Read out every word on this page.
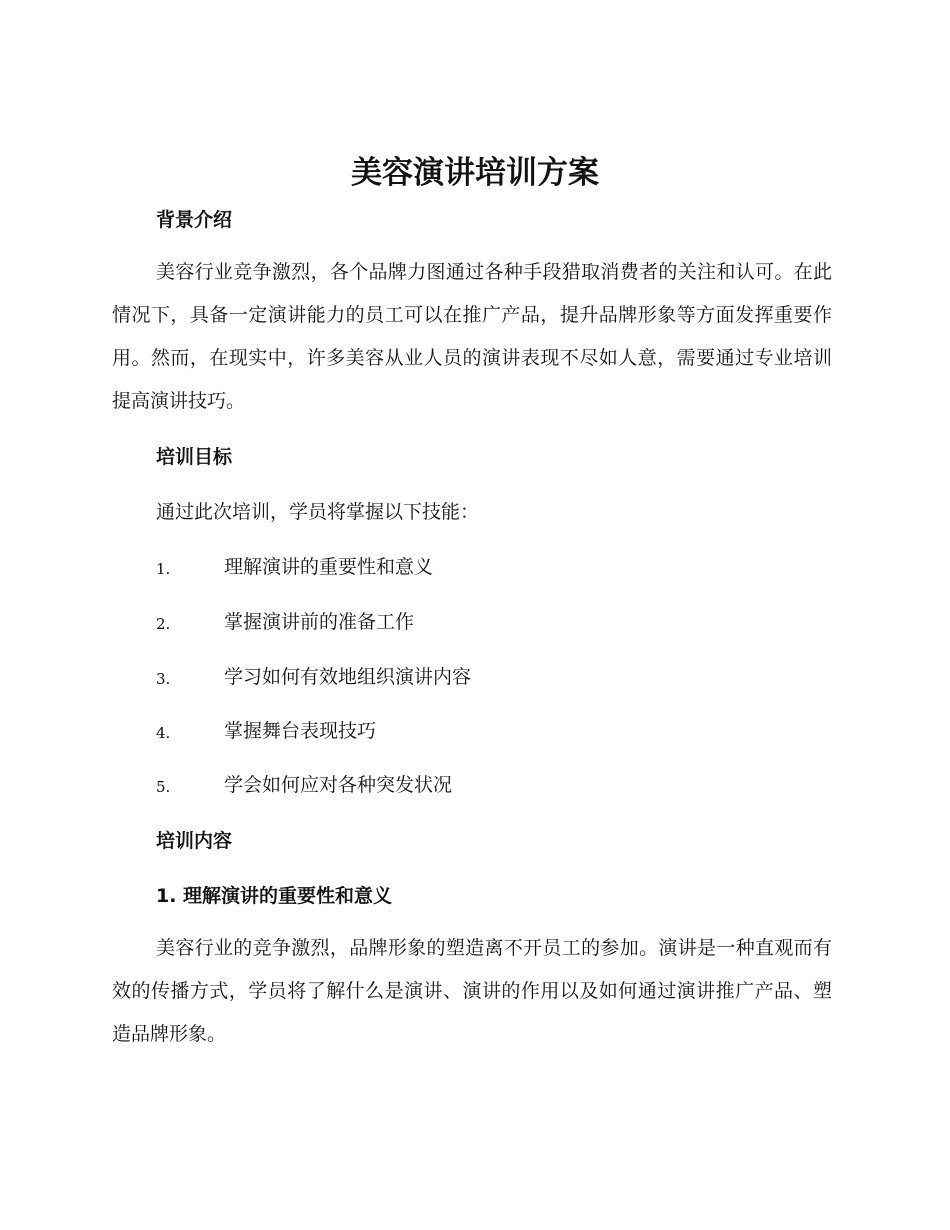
美容演讲培训方案
背景介绍

美容行业竞争激烈，各个品牌力图通过各种手段猎取消费者的关注和认可。在此情况下，具备一定演讲能力的员工可以在推广产品，提升品牌形象等方面发挥重要作用。然而，在现实中，许多美容从业人员的演讲表现不尽如人意，需要通过专业培训提高演讲技巧。

培训目标

通过此次培训，学员将掌握以下技能：

1.	理解演讲的重要性和意义
2.	掌握演讲前的准备工作
3.	学习如何有效地组织演讲内容
4.	掌握舞台表现技巧
5.	学会如何应对各种突发状况
培训内容
1. 理解演讲的重要性和意义

美容行业的竞争激烈，品牌形象的塑造离不开员工的参加。演讲是一种直观而有效的传播方式，学员将了解什么是演讲、演讲的作用以及如何通过演讲推广产品、塑造品牌形象。
